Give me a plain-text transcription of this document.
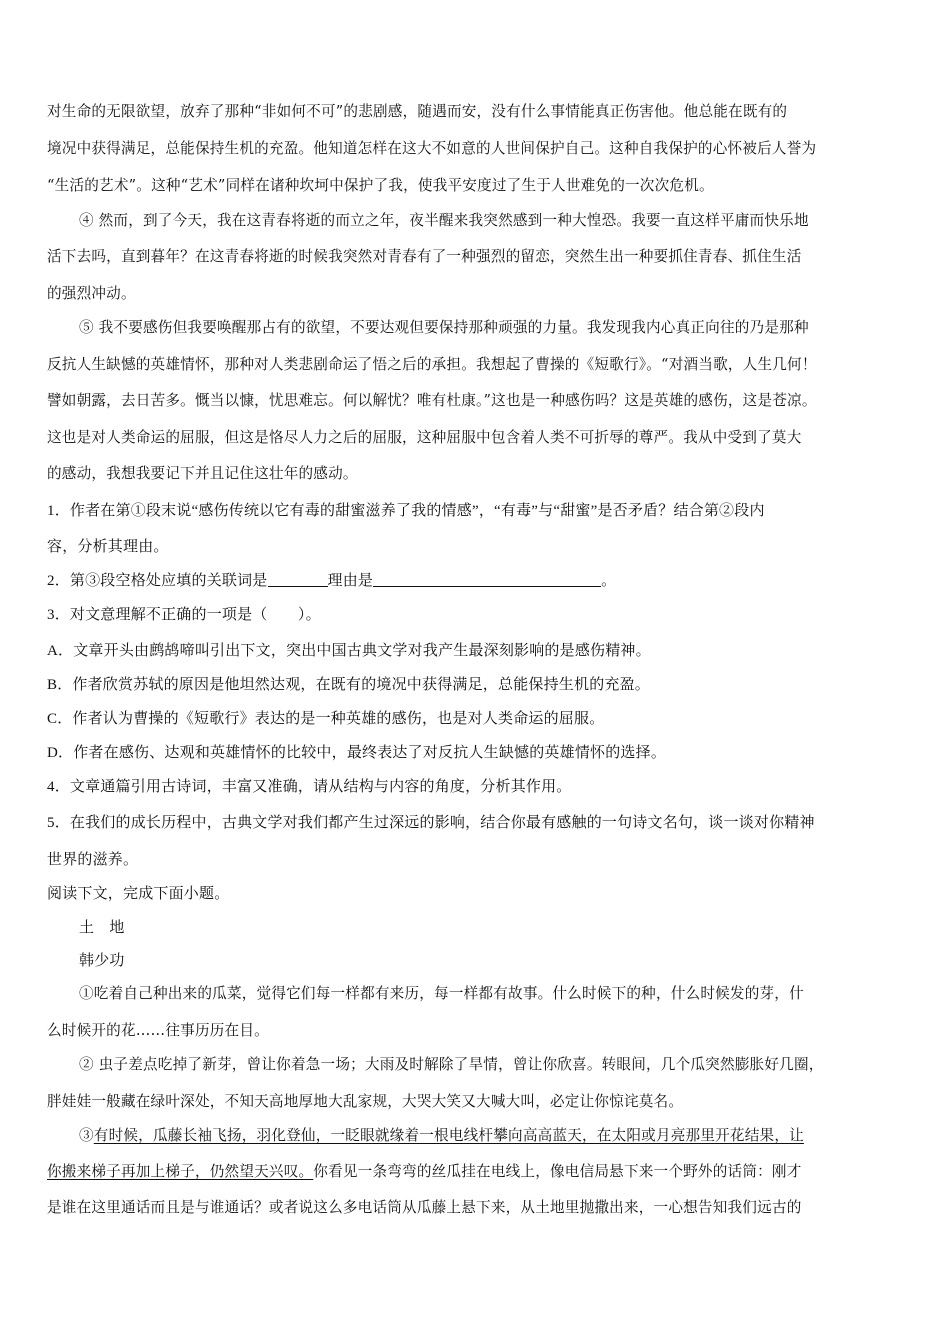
对生命的无限欲望，放弃了那种“非如何不可”的悲剧感，随遇而安，没有什么事情能真正伤害他。他总能在既有的
境况中获得满足，总能保持生机的充盈。他知道怎样在这大不如意的人世间保护自己。这种自我保护的心怀被后人誉为
“生活的艺术”。这种“艺术”同样在诸种坎坷中保护了我，使我平安度过了生于人世难免的一次次危机。
④ 然而，到了今天，我在这青春将逝的而立之年，夜半醒来我突然感到一种大惶恐。我要一直这样平庸而快乐地
活下去吗，直到暮年？在这青春将逝的时候我突然对青春有了一种强烈的留恋，突然生出一种要抓住青春、抓住生活
的强烈冲动。
⑤ 我不要感伤但我要唤醒那占有的欲望，不要达观但要保持那种顽强的力量。我发现我内心真正向往的乃是那种
反抗人生缺憾的英雄情怀，那种对人类悲剧命运了悟之后的承担。我想起了曹操的《短歌行》。“对酒当歌，人生几何！
譬如朝露，去日苦多。慨当以慷，忧思难忘。何以解忧？唯有杜康。”这也是一种感伤吗？这是英雄的感伤，这是苍凉。
这也是对人类命运的屈服，但这是恪尽人力之后的屈服，这种屈服中包含着人类不可折辱的尊严。我从中受到了莫大
的感动，我想我要记下并且记住这壮年的感动。
1．作者在第①段末说“感伤传统以它有毒的甜蜜滋养了我的情感”，“有毒”与“甜蜜”是否矛盾？结合第②段内
容，分析其理由。
2．第③段空格处应填的关联词是	理由是	。
3．对文意理解不正确的一项是（　　）。
A．文章开头由鹧鸪啼叫引出下文，突出中国古典文学对我产生最深刻影响的是感伤精神。
B．作者欣赏苏轼的原因是他坦然达观，在既有的境况中获得满足，总能保持生机的充盈。
C．作者认为曹操的《短歌行》表达的是一种英雄的感伤，也是对人类命运的屈服。
D．作者在感伤、达观和英雄情怀的比较中，最终表达了对反抗人生缺憾的英雄情怀的选择。
4．文章通篇引用古诗词，丰富又准确，请从结构与内容的角度，分析其作用。
5．在我们的成长历程中，古典文学对我们都产生过深远的影响，结合你最有感触的一句诗文名句，谈一谈对你精神
世界的滋养。
阅读下文，完成下面小题。
土　地
韩少功
①吃着自己种出来的瓜菜，觉得它们每一样都有来历，每一样都有故事。什么时候下的种，什么时候发的芽，什
么时候开的花……往事历历在目。
② 虫子差点吃掉了新芽，曾让你着急一场；大雨及时解除了旱情，曾让你欣喜。转眼间，几个瓜突然膨胀好几圈，
胖娃娃一般藏在绿叶深处，不知天高地厚地大乱家规，大哭大笑又大喊大叫，必定让你惊诧莫名。
③有时候，瓜藤长袖飞扬，羽化登仙，一眨眼就缘着一根电线杆攀向高高蓝天，在太阳或月亮那里开花结果，让
你搬来梯子再加上梯子，仍然望天兴叹。你看见一条弯弯的丝瓜挂在电线上，像电信局悬下来一个野外的话筒：刚才
是谁在这里通话而且是与谁通话？或者说这么多电话筒从瓜藤上悬下来，从土地里抛撒出来，一心想告知我们远古的
